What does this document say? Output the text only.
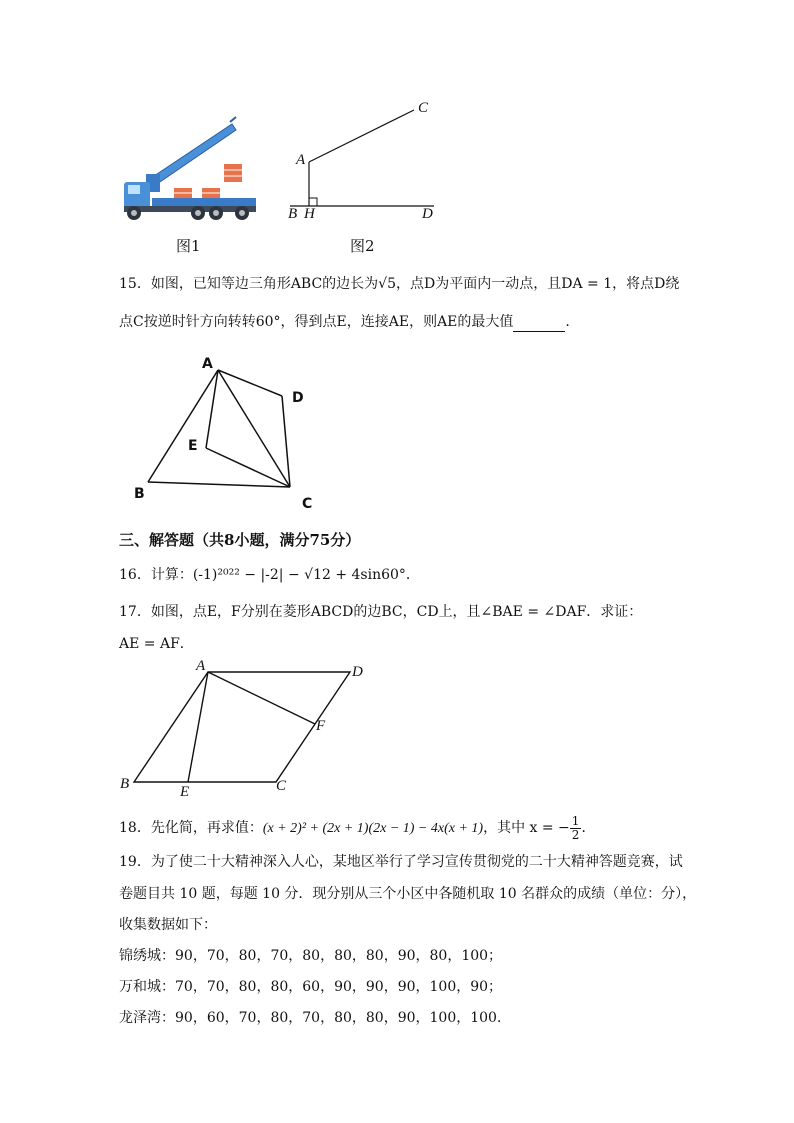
图1
C
A
B H	D
图2
15．如图，已知等边三角形ABC的边长为√5，点D为平面内一动点，且DA = 1，将点D绕
点C按逆时针方向转转60°，得到点E，连接AE，则AE的最大值	.
A
D
E
B
C
三、解答题（共8小题，满分75分）
16．计算：(-1)²⁰²² − |-2| − √12 + 4sin60°．
17．如图，点E，F分别在菱形ABCD的边BC，CD上，且∠BAE = ∠DAF．求证：
AE = AF．
A	D
F
B	C
E
18．先化简，再求值：(x + 2)² + (2x + 1)(2x − 1) − 4x(x + 1)，其中 x = − $\frac{1}{2}$ ．
19．为了使二十大精神深入人心，某地区举行了学习宣传贯彻党的二十大精神答题竞赛，试
卷题目共 10 题，每题 10 分．现分别从三个小区中各随机取 10 名群众的成绩（单位：分），
收集数据如下：
锦绣城：90，70，80，70，80，80，80，90，80，100；
万和城：70，70，80，80，60，90，90，90，100，90；
龙泽湾：90，60，70，80，70，80，80，90，100，100．
